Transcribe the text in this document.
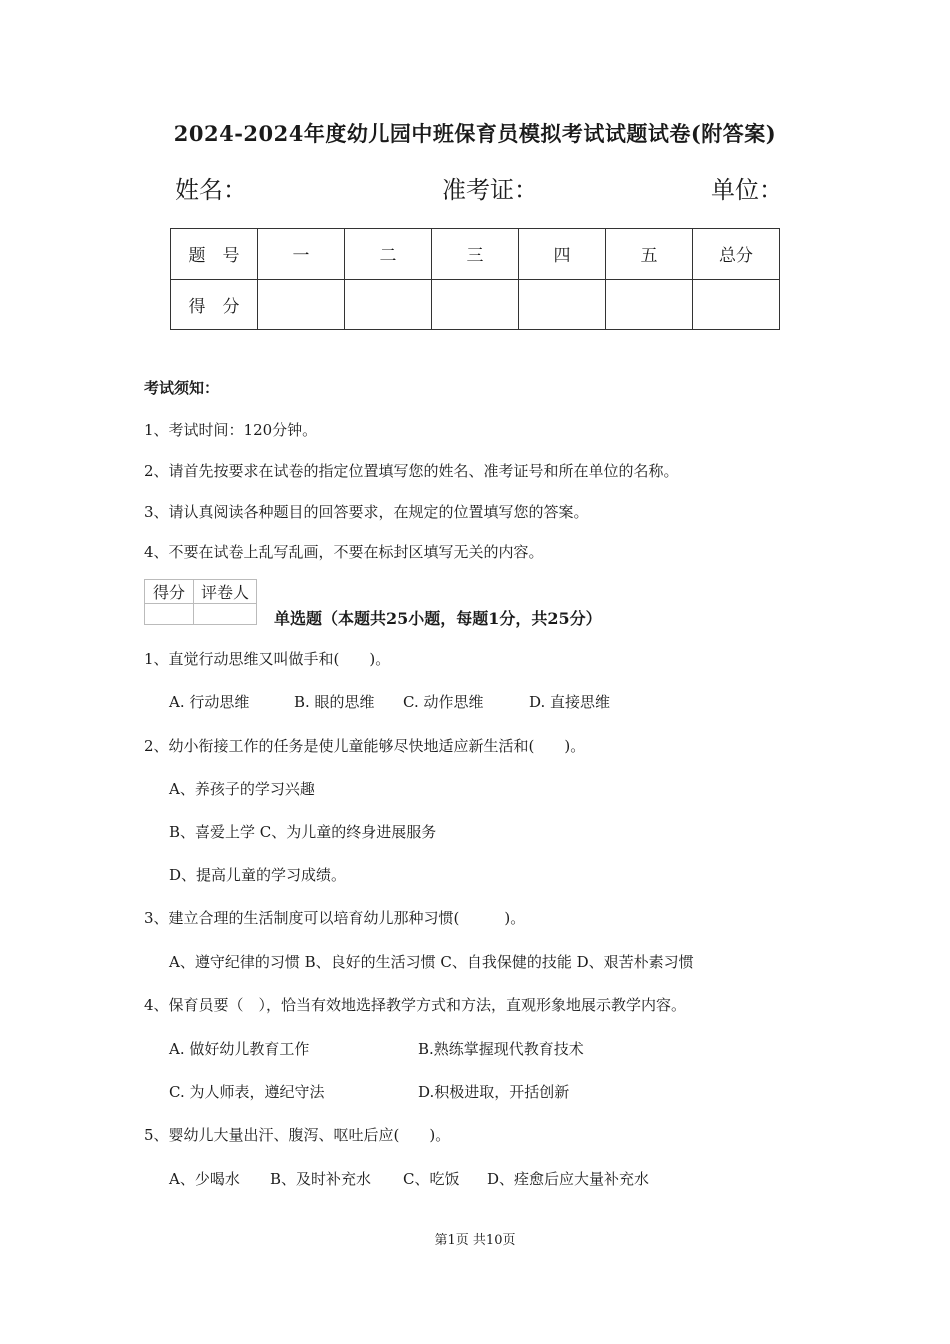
2024-2024年度幼儿园中班保育员模拟考试试题试卷(附答案)
姓名：	准考证：	单位：
题　号	一	二	三	四	五	总分
得　分						
考试须知：
1、考试时间：120分钟。
2、请首先按要求在试卷的指定位置填写您的姓名、准考证号和所在单位的名称。
3、请认真阅读各种题目的回答要求，在规定的位置填写您的答案。
4、不要在试卷上乱写乱画，不要在标封区填写无关的内容。
得分	评卷人

单选题（本题共25小题，每题1分，共25分）
1、直觉行动思维又叫做手和(　　)。
A. 行动思维	B. 眼的思维 C. 动作思维	D. 直接思维
2、幼小衔接工作的任务是使儿童能够尽快地适应新生活和(　　)。
A、养孩子的学习兴趣
B、喜爱上学 C、为儿童的终身进展服务
D、提高儿童的学习成绩。
3、建立合理的生活制度可以培育幼儿那种习惯(　　　)。
A、遵守纪律的习惯 B、良好的生活习惯 C、自我保健的技能 D、艰苦朴素习惯
4、保育员要（　），恰当有效地选择教学方式和方法，直观形象地展示教学内容。
A. 做好幼儿教育工作	B.熟练掌握现代教育技术
C. 为人师表，遵纪守法	D.积极进取，开括创新
5、婴幼儿大量出汗、腹泻、呕吐后应(　　)。
A、少喝水 B、及时补充水 C、吃饭 D、痊愈后应大量补充水
第1页 共10页
